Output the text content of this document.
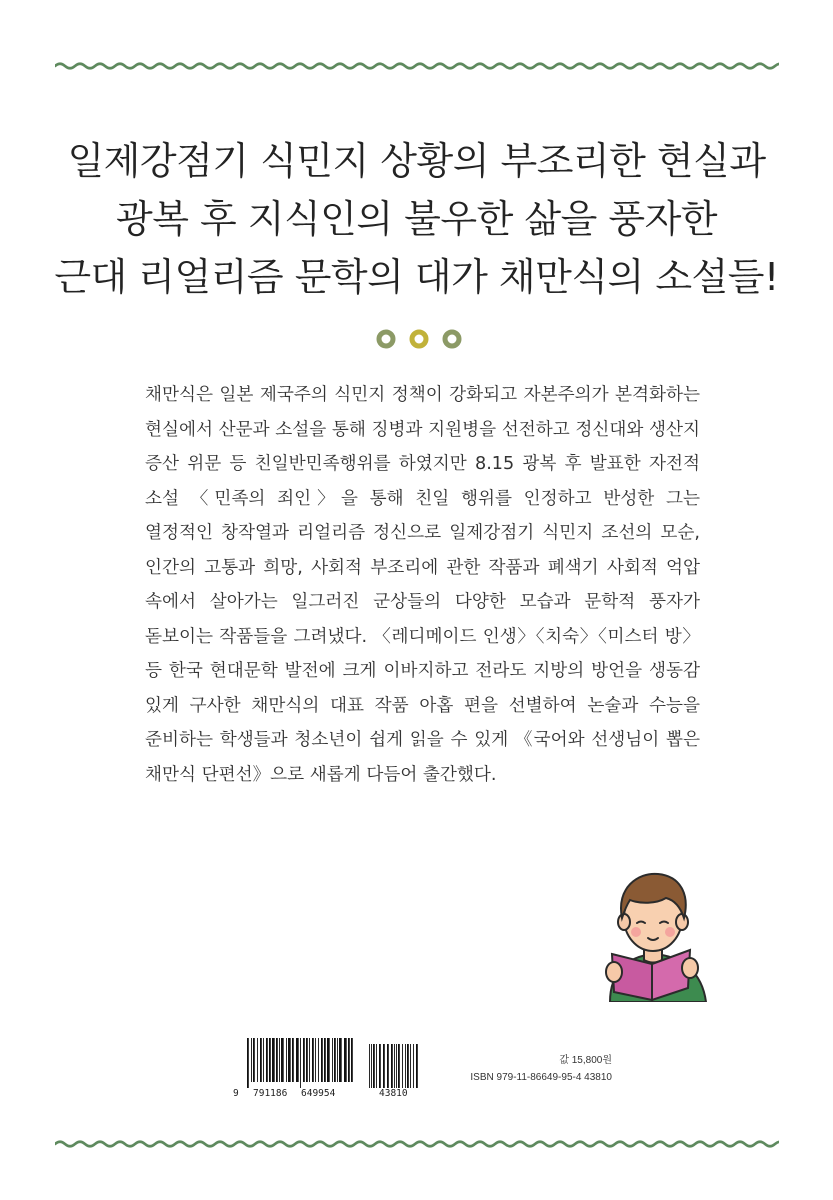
일제강점기 식민지 상황의 부조리한 현실과
광복 후 지식인의 불우한 삶을 풍자한
근대 리얼리즘 문학의 대가 채만식의 소설들!
채만식은 일본 제국주의 식민지 정책이 강화되고 자본주의가 본격화하는 현실에서 산문과 소설을 통해 징병과 지원병을 선전하고 정신대와 생산지 증산 위문 등 친일반민족행위를 하였지만 8.15 광복 후 발표한 자전적 소설 〈민족의 죄인〉을 통해 친일 행위를 인정하고 반성한 그는 열정적인 창작열과 리얼리즘 정신으로 일제강점기 식민지 조선의 모순, 인간의 고통과 희망, 사회적 부조리에 관한 작품과 폐색기 사회적 억압 속에서 살아가는 일그러진 군상들의 다양한 모습과 문학적 풍자가 돋보이는 작품들을 그려냈다. 〈레디메이드 인생〉〈치숙〉〈미스터 방〉 등 한국 현대문학 발전에 크게 이바지하고 전라도 지방의 방언을 생동감 있게 구사한 채만식의 대표 작품 아홉 편을 선별하여 논술과 수능을 준비하는 학생들과 청소년이 쉽게 읽을 수 있게 《국어와 선생님이 뽑은 채만식 단편선》으로 새롭게 다듬어 출간했다.
9 791186 649954	43810
값 15,800원
ISBN 979-11-86649-95-4 43810
